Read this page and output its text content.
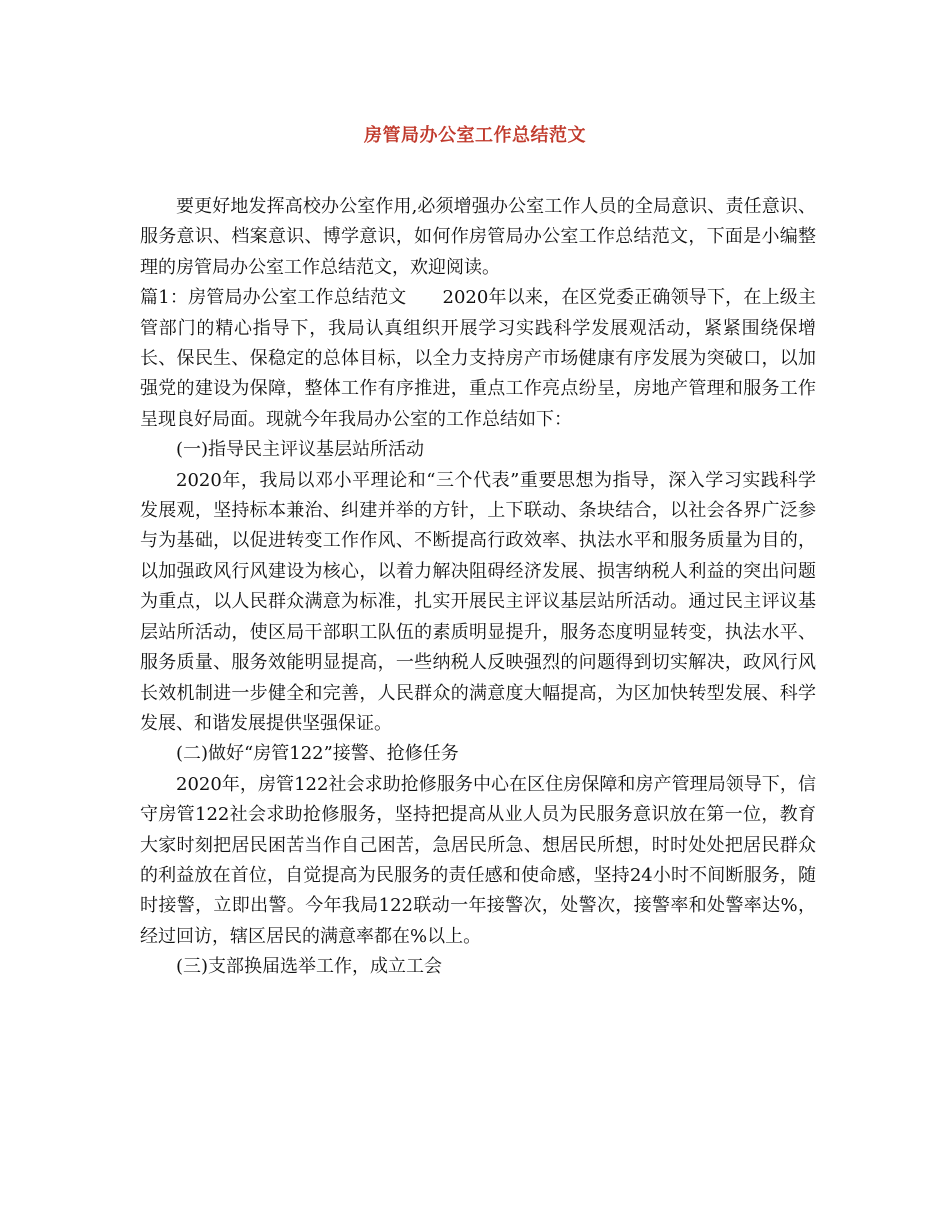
房管局办公室工作总结范文

要更好地发挥高校办公室作用,必须增强办公室工作人员的全局意识、责任意识、服务意识、档案意识、博学意识，如何作房管局办公室工作总结范文，下面是小编整理的房管局办公室工作总结范文，欢迎阅读。

篇1：房管局办公室工作总结范文 2020年以来，在区党委正确领导下，在上级主管部门的精心指导下，我局认真组织开展学习实践科学发展观活动，紧紧围绕保增长、保民生、保稳定的总体目标，以全力支持房产市场健康有序发展为突破口，以加强党的建设为保障，整体工作有序推进，重点工作亮点纷呈，房地产管理和服务工作呈现良好局面。现就今年我局办公室的工作总结如下：

(一)指导民主评议基层站所活动

2020年，我局以邓小平理论和“三个代表”重要思想为指导，深入学习实践科学发展观，坚持标本兼治、纠建并举的方针，上下联动、条块结合，以社会各界广泛参与为基础，以促进转变工作作风、不断提高行政效率、执法水平和服务质量为目的，以加强政风行风建设为核心，以着力解决阻碍经济发展、损害纳税人利益的突出问题为重点，以人民群众满意为标准，扎实开展民主评议基层站所活动。通过民主评议基层站所活动，使区局干部职工队伍的素质明显提升，服务态度明显转变，执法水平、服务质量、服务效能明显提高，一些纳税人反映强烈的问题得到切实解决，政风行风长效机制进一步健全和完善，人民群众的满意度大幅提高，为区加快转型发展、科学发展、和谐发展提供坚强保证。

(二)做好“房管122”接警、抢修任务

2020年，房管122社会求助抢修服务中心在区住房保障和房产管理局领导下，信守房管122社会求助抢修服务，坚持把提高从业人员为民服务意识放在第一位，教育大家时刻把居民困苦当作自己困苦，急居民所急、想居民所想，时时处处把居民群众的利益放在首位，自觉提高为民服务的责任感和使命感，坚持24小时不间断服务，随时接警，立即出警。今年我局122联动一年接警次，处警次，接警率和处警率达%，经过回访，辖区居民的满意率都在%以上。

(三)支部换届选举工作，成立工会
